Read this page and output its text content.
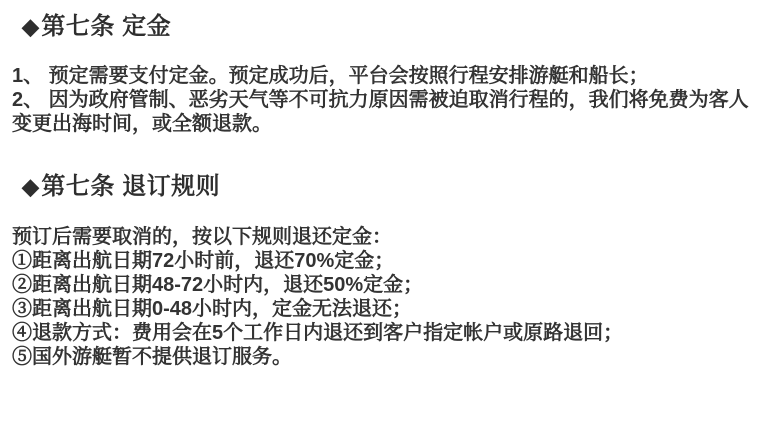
◆第七条 定金

1、 预定需要支付定金。预定成功后，平台会按照行程安排游艇和船长；

2、 因为政府管制、恶劣天气等不可抗力原因需被迫取消行程的，我们将免费为客人变更出海时间，或全额退款。

◆第七条 退订规则
预订后需要取消的，按以下规则退还定金：

①距离出航日期72小时前，退还70%定金；

②距离出航日期48-72小时内，退还50%定金；

③距离出航日期0-48小时内，定金无法退还；

④退款方式：费用会在5个工作日内退还到客户指定帐户或原路退回；

⑤国外游艇暂不提供退订服务。
